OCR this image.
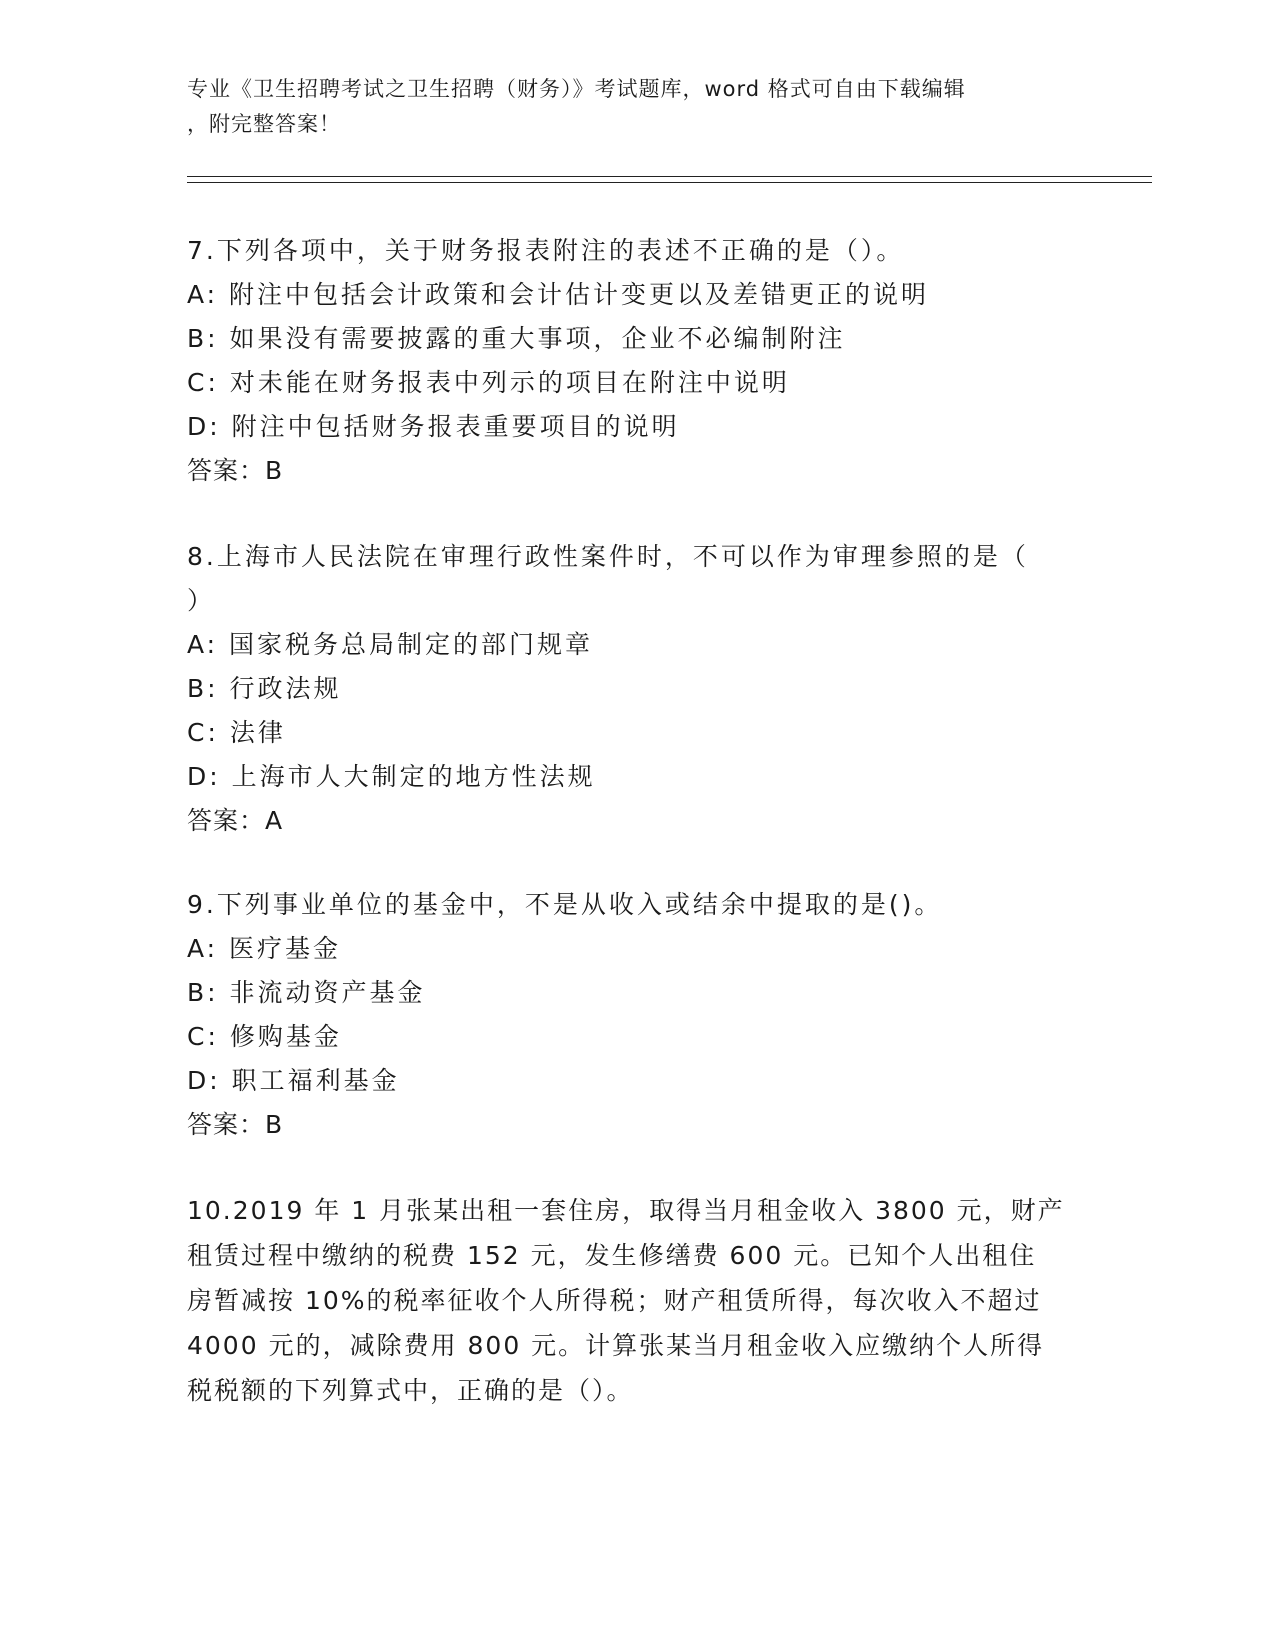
专业《卫生招聘考试之卫生招聘（财务）》考试题库，word 格式可自由下载编辑
，附完整答案！
7.下列各项中，关于财务报表附注的表述不正确的是（）。
A: 附注中包括会计政策和会计估计变更以及差错更正的说明
B: 如果没有需要披露的重大事项，企业不必编制附注
C: 对未能在财务报表中列示的项目在附注中说明
D: 附注中包括财务报表重要项目的说明
答案：B
8.上海市人民法院在审理行政性案件时，不可以作为审理参照的是（
）
A: 国家税务总局制定的部门规章
B: 行政法规
C: 法律
D: 上海市人大制定的地方性法规
答案：A
9.下列事业单位的基金中，不是从收入或结余中提取的是()。
A: 医疗基金
B: 非流动资产基金
C: 修购基金
D: 职工福利基金
答案：B
10.2019 年 1 月张某出租一套住房，取得当月租金收入 3800 元，财产
租赁过程中缴纳的税费 152 元，发生修缮费 600 元。已知个人出租住
房暂减按 10%的税率征收个人所得税；财产租赁所得，每次收入不超过
4000 元的，减除费用 800 元。计算张某当月租金收入应缴纳个人所得
税税额的下列算式中，正确的是（）。
